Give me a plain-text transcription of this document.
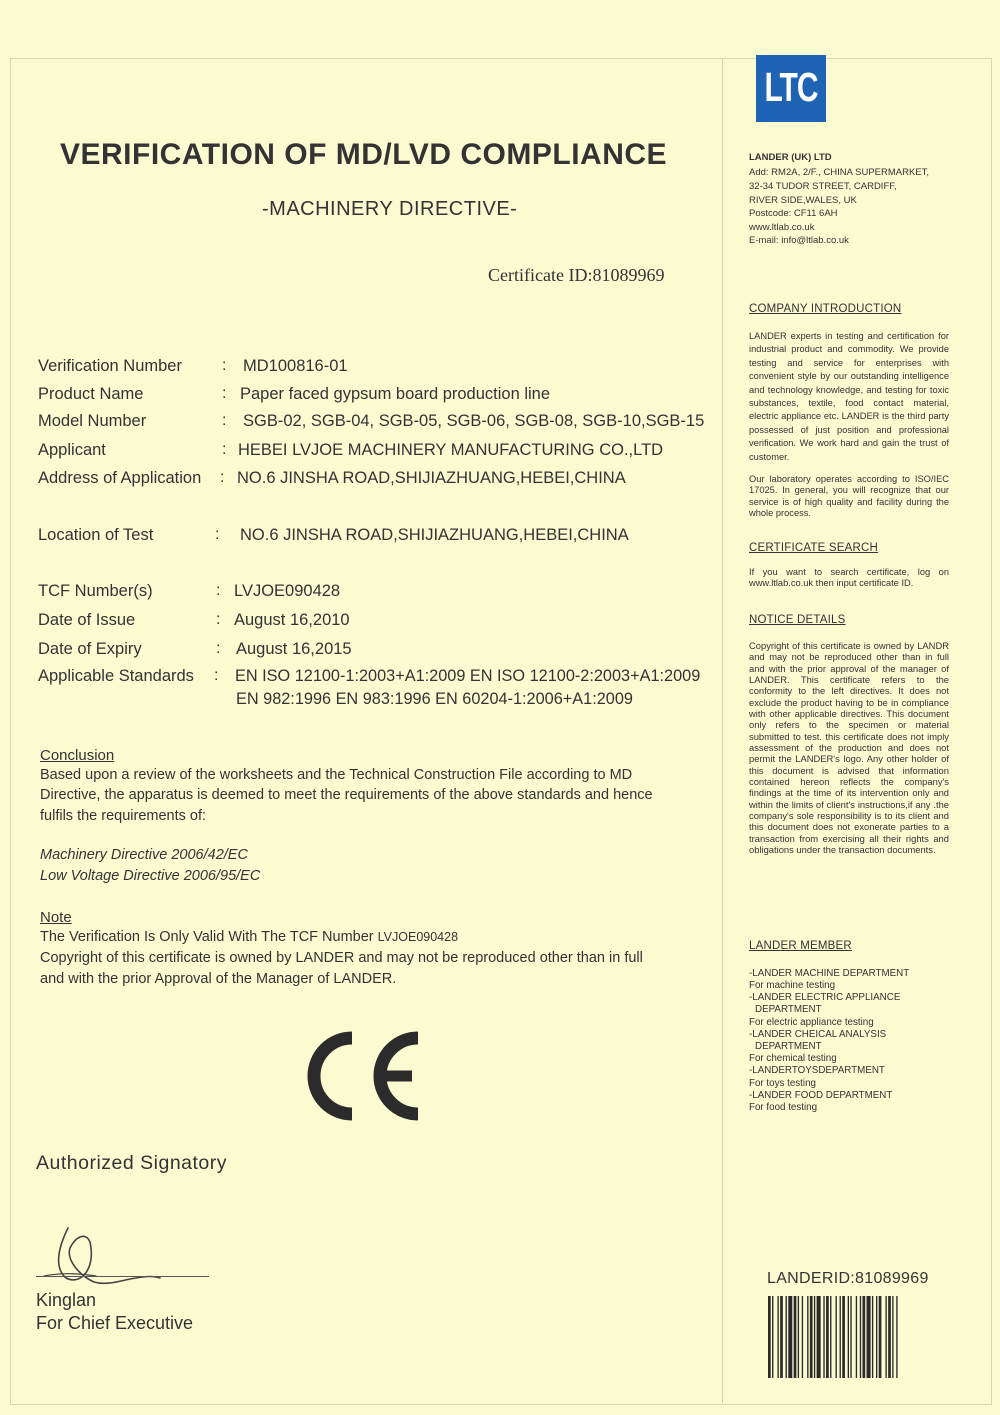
VERIFICATION OF MD/LVD COMPLIANCE
-MACHINERY DIRECTIVE-
Certificate ID:81089969
Verification Number	: MD100816-01
Product Name	: Paper faced gypsum board production line
Model Number	: SGB-02, SGB-04, SGB-05, SGB-06, SGB-08, SGB-10,SGB-15
Applicant	: HEBEI LVJOE MACHINERY MANUFACTURING CO.,LTD
Address of Application : NO.6 JINSHA ROAD,SHIJIAZHUANG,HEBEI,CHINA
Location of Test	: NO.6 JINSHA ROAD,SHIJIAZHUANG,HEBEI,CHINA
TCF Number(s)	: LVJOE090428
Date of Issue	: August 16,2010
Date of Expiry	: August 16,2015
Applicable Standards : EN ISO 12100-1:2003+A1:2009 EN ISO 12100-2:2003+A1:2009
EN 982:1996 EN 983:1996 EN 60204-1:2006+A1:2009
Conclusion
Based upon a review of the worksheets and the Technical Construction File according to MD
Directive, the apparatus is deemed to meet the requirements of the above standards and hence
fulfils the requirements of:
Machinery Directive 2006/42/EC
Low Voltage Directive 2006/95/EC
Note
The Verification Is Only Valid With The TCF Number LVJOE090428
Copyright of this certificate is owned by LANDER and may not be reproduced other than in full
and with the prior Approval of the Manager of LANDER.
Authorized Signatory
Kinglan
For Chief Executive
LTC
LANDER (UK) LTD
Add: RM2A, 2/F., CHINA SUPERMARKET,
32-34 TUDOR STREET, CARDIFF,
RIVER SIDE,WALES, UK
Postcode: CF11 6AH
www.ltlab.co.uk
E-mail: info@ltlab.co.uk
COMPANY INTRODUCTION
LANDER experts in testing and certification for industrial product and commodity. We provide testing and service for enterprises with convenient style by our outstanding intelligence and technology knowledge, and testing for toxic substances, textile, food contact material, electric appliance etc. LANDER is the third party possessed of just position and professional verification. We work hard and gain the trust of customer.
Our laboratory operates according to ISO/IEC 17025. In general, you will recognize that our service is of high quality and facility during the whole process.
CERTIFICATE SEARCH
If you want to search certificate, log on www.ltlab.co.uk then input certificate ID.
NOTICE DETAILS
Copyright of this certificate is owned by LANDR and may not be reproduced other than in full and with the prior approval of the manager of LANDER. This certificate refers to the conformity to the left directives. It does not exclude the product having to be in compliance with other applicable directives. This document only refers to the specimen or material submitted to test. this certificate does not imply assessment of the production and does not permit the LANDER's logo. Any other holder of this document is advised that information contained hereon reflects the company's findings at the time of its intervention only and within the limits of client's instructions,if any .the company's sole responsibility is to its client and this document does not exonerate parties to a transaction from exercising all their rights and obligations under the transaction documents.
LANDER MEMBER
-LANDER MACHINE DEPARTMENT
For machine testing
-LANDER ELECTRIC APPLIANCE
DEPARTMENT
For electric appliance testing
-LANDER CHEICAL ANALYSIS
DEPARTMENT
For chemical testing
-LANDERTOYSDEPARTMENT
For toys testing
-LANDER FOOD DEPARTMENT
For food testing
LANDERID:81089969
